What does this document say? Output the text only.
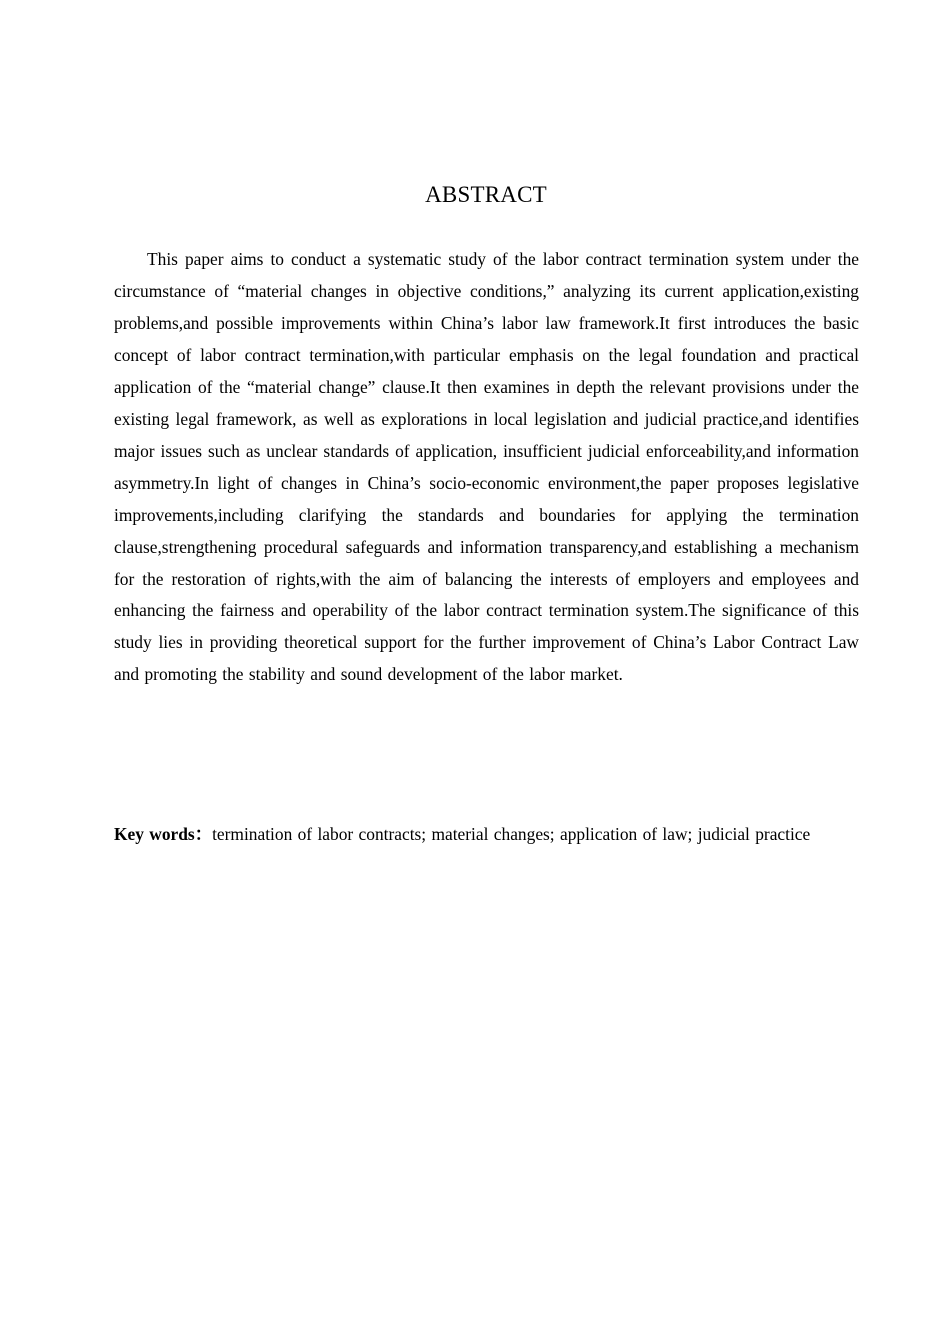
ABSTRACT

This paper aims to conduct a systematic study of the labor contract termination system under the circumstance of “material changes in objective conditions,” analyzing its current application,existing problems,and possible improvements within China’s labor law framework.It first introduces the basic concept of labor contract termination,with particular emphasis on the legal foundation and practical application of the “material change” clause.It then examines in depth the relevant provisions under the existing legal framework, as well as explorations in local legislation and judicial practice,and identifies major issues such as unclear standards of application, insufficient judicial enforceability,and information asymmetry.In light of changes in China’s socio-economic environment,the paper proposes legislative improvements,including clarifying the standards and boundaries for applying the termination clause,strengthening procedural safeguards and information transparency,and establishing a mechanism for the restoration of rights,with the aim of balancing the interests of employers and employees and enhancing the fairness and operability of the labor contract termination system.The significance of this study lies in providing theoretical support for the further improvement of China’s Labor Contract Law and promoting the stability and sound development of the labor market.

Key words：termination of labor contracts; material changes; application of law; judicial practice
